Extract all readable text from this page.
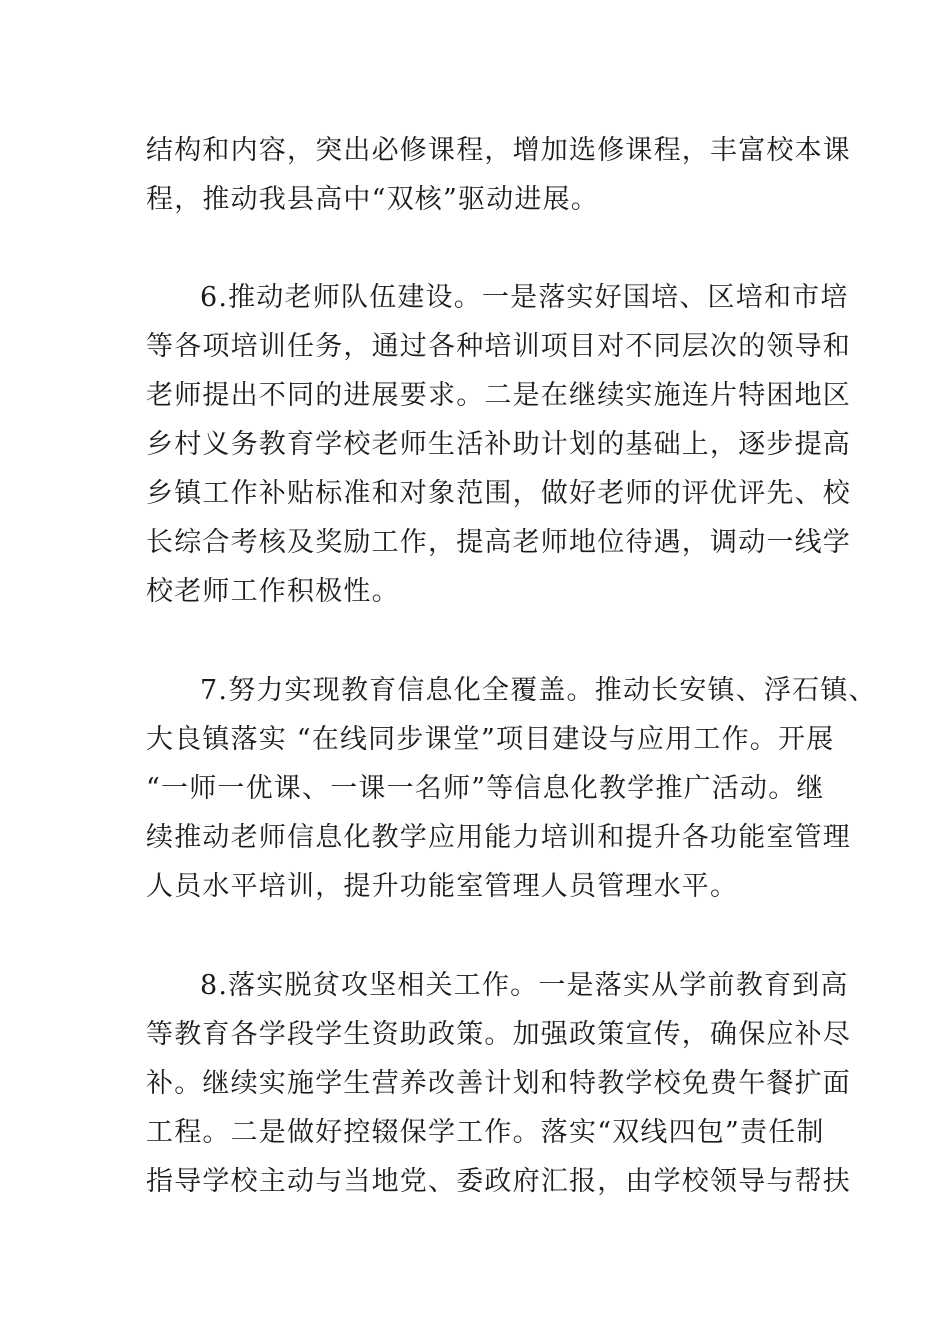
结构和内容，突出必修课程，增加选修课程，丰富校本课
程，推动我县高中“双核”驱动进展。
6.推动老师队伍建设。一是落实好国培、区培和市培
等各项培训任务，通过各种培训项目对不同层次的领导和
老师提出不同的进展要求。二是在继续实施连片特困地区
乡村义务教育学校老师生活补助计划的基础上，逐步提高
乡镇工作补贴标准和对象范围，做好老师的评优评先、校
长综合考核及奖励工作，提高老师地位待遇，调动一线学
校老师工作积极性。
7.努力实现教育信息化全覆盖。推动长安镇、浮石镇、
大良镇落实 “在线同步课堂”项目建设与应用工作。开展
“一师一优课、一课一名师”等信息化教学推广活动。继
续推动老师信息化教学应用能力培训和提升各功能室管理
人员水平培训，提升功能室管理人员管理水平。
8.落实脱贫攻坚相关工作。一是落实从学前教育到高
等教育各学段学生资助政策。加强政策宣传，确保应补尽
补。继续实施学生营养改善计划和特教学校免费午餐扩面
工程。二是做好控辍保学工作。落实“双线四包”责任制
指导学校主动与当地党、委政府汇报，由学校领导与帮扶
